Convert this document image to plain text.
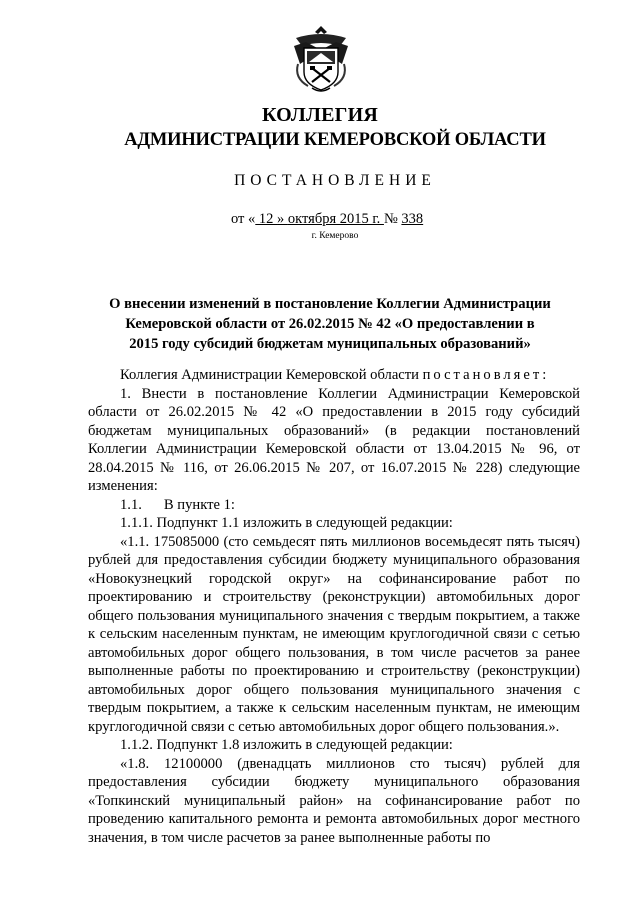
КОЛЛЕГИЯ
АДМИНИСТРАЦИИ КЕМЕРОВСКОЙ ОБЛАСТИ
ПОСТАНОВЛЕНИЕ
от « 12 » октября 2015 г. № 338
г. Кемерово
О внесении изменений в постановление Коллегии Администрации
Кемеровской области от 26.02.2015 № 42 «О предоставлении в
2015 году субсидий бюджетам муниципальных образований»

Коллегия Администрации Кемеровской области постановляет:

1. Внести в постановление Коллегии Администрации Кемеровской области от 26.02.2015 № 42 «О предоставлении в 2015 году субсидий бюджетам муниципальных образований» (в редакции постановлений Коллегии Администрации Кемеровской области от 13.04.2015 № 96, от 28.04.2015 № 116, от 26.06.2015 № 207, от 16.07.2015 № 228) следующие изменения:

1.1. В пункте 1:

1.1.1. Подпункт 1.1 изложить в следующей редакции:

«1.1. 175085000 (сто семьдесят пять миллионов восемьдесят пять тысяч) рублей для предоставления субсидии бюджету муниципального образования «Новокузнецкий городской округ» на софинансирование работ по проектированию и строительству (реконструкции) автомобильных дорог общего пользования муниципального значения с твердым покрытием, а также к сельским населенным пунктам, не имеющим круглогодичной связи с сетью автомобильных дорог общего пользования, в том числе расчетов за ранее выполненные работы по проектированию и строительству (реконструкции) автомобильных дорог общего пользования муниципального значения с твердым покрытием, а также к сельским населенным пунктам, не имеющим круглогодичной связи с сетью автомобильных дорог общего пользования.».

1.1.2. Подпункт 1.8 изложить в следующей редакции:

«1.8. 12100000 (двенадцать миллионов сто тысяч) рублей для предоставления субсидии бюджету муниципального образования «Топкинский муниципальный район» на софинансирование работ по проведению капитального ремонта и ремонта автомобильных дорог местного значения, в том числе расчетов за ранее выполненные работы по
